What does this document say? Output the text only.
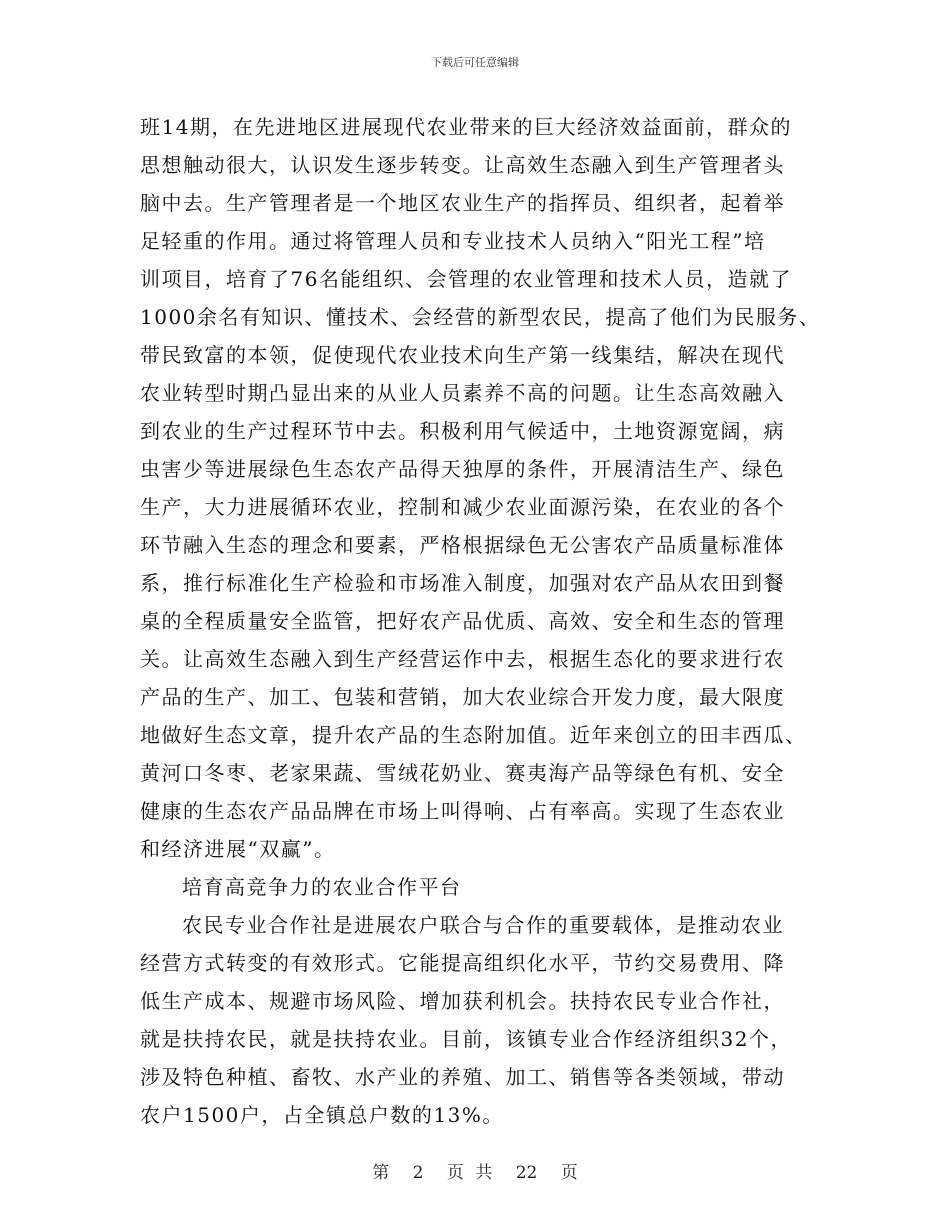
下载后可任意编辑
班14期，在先进地区进展现代农业带来的巨大经济效益面前，群众的
思想触动很大，认识发生逐步转变。让高效生态融入到生产管理者头
脑中去。生产管理者是一个地区农业生产的指挥员、组织者，起着举
足轻重的作用。通过将管理人员和专业技术人员纳入“阳光工程”培
训项目，培育了76名能组织、会管理的农业管理和技术人员，造就了
1000余名有知识、懂技术、会经营的新型农民，提高了他们为民服务、
带民致富的本领，促使现代农业技术向生产第一线集结，解决在现代
农业转型时期凸显出来的从业人员素养不高的问题。让生态高效融入
到农业的生产过程环节中去。积极利用气候适中，土地资源宽阔，病
虫害少等进展绿色生态农产品得天独厚的条件，开展清洁生产、绿色
生产，大力进展循环农业，控制和减少农业面源污染，在农业的各个
环节融入生态的理念和要素，严格根据绿色无公害农产品质量标准体
系，推行标准化生产检验和市场准入制度，加强对农产品从农田到餐
桌的全程质量安全监管，把好农产品优质、高效、安全和生态的管理
关。让高效生态融入到生产经营运作中去，根据生态化的要求进行农
产品的生产、加工、包装和营销，加大农业综合开发力度，最大限度
地做好生态文章，提升农产品的生态附加值。近年来创立的田丰西瓜、
黄河口冬枣、老家果蔬、雪绒花奶业、赛夷海产品等绿色有机、安全
健康的生态农产品品牌在市场上叫得响、占有率高。实现了生态农业
和经济进展“双赢”。
培育高竞争力的农业合作平台
农民专业合作社是进展农户联合与合作的重要载体，是推动农业
经营方式转变的有效形式。它能提高组织化水平，节约交易费用、降
低生产成本、规避市场风险、增加获利机会。扶持农民专业合作社，
就是扶持农民，就是扶持农业。目前，该镇专业合作经济组织32个，
涉及特色种植、畜牧、水产业的养殖、加工、销售等各类领域，带动
农户1500户，占全镇总户数的13%。
第 2 页 共 22 页
